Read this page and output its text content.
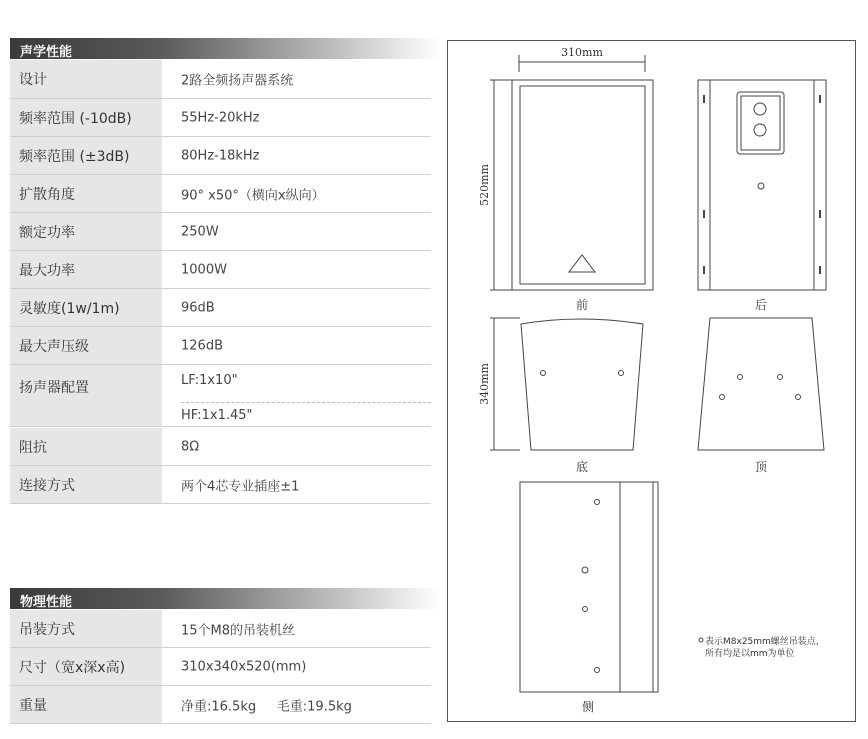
声学性能
设计	2路全频扬声器系统
频率范围 (-10dB)	55Hz-20kHz
频率范围 (±3dB)	80Hz-18kHz
扩散角度	90° x50°（横向x纵向）
额定功率	250W
最大功率	1000W
灵敏度(1w/1m)	96dB
最大声压级	126dB
扬声器配置	LF:1x10"
HF:1x1.45"
阻抗	8Ω
连接方式	两个4芯专业插座±1
物理性能
吊装方式	15个M8的吊装机丝
尺寸（宽x深x高)	310x340x520(mm)
重量	净重:16.5kg     毛重:19.5kg
310mm
520mm
340mm
前	后
底	顶
侧
表示M8x25mm螺丝吊装点，
所有均是以mm为单位
